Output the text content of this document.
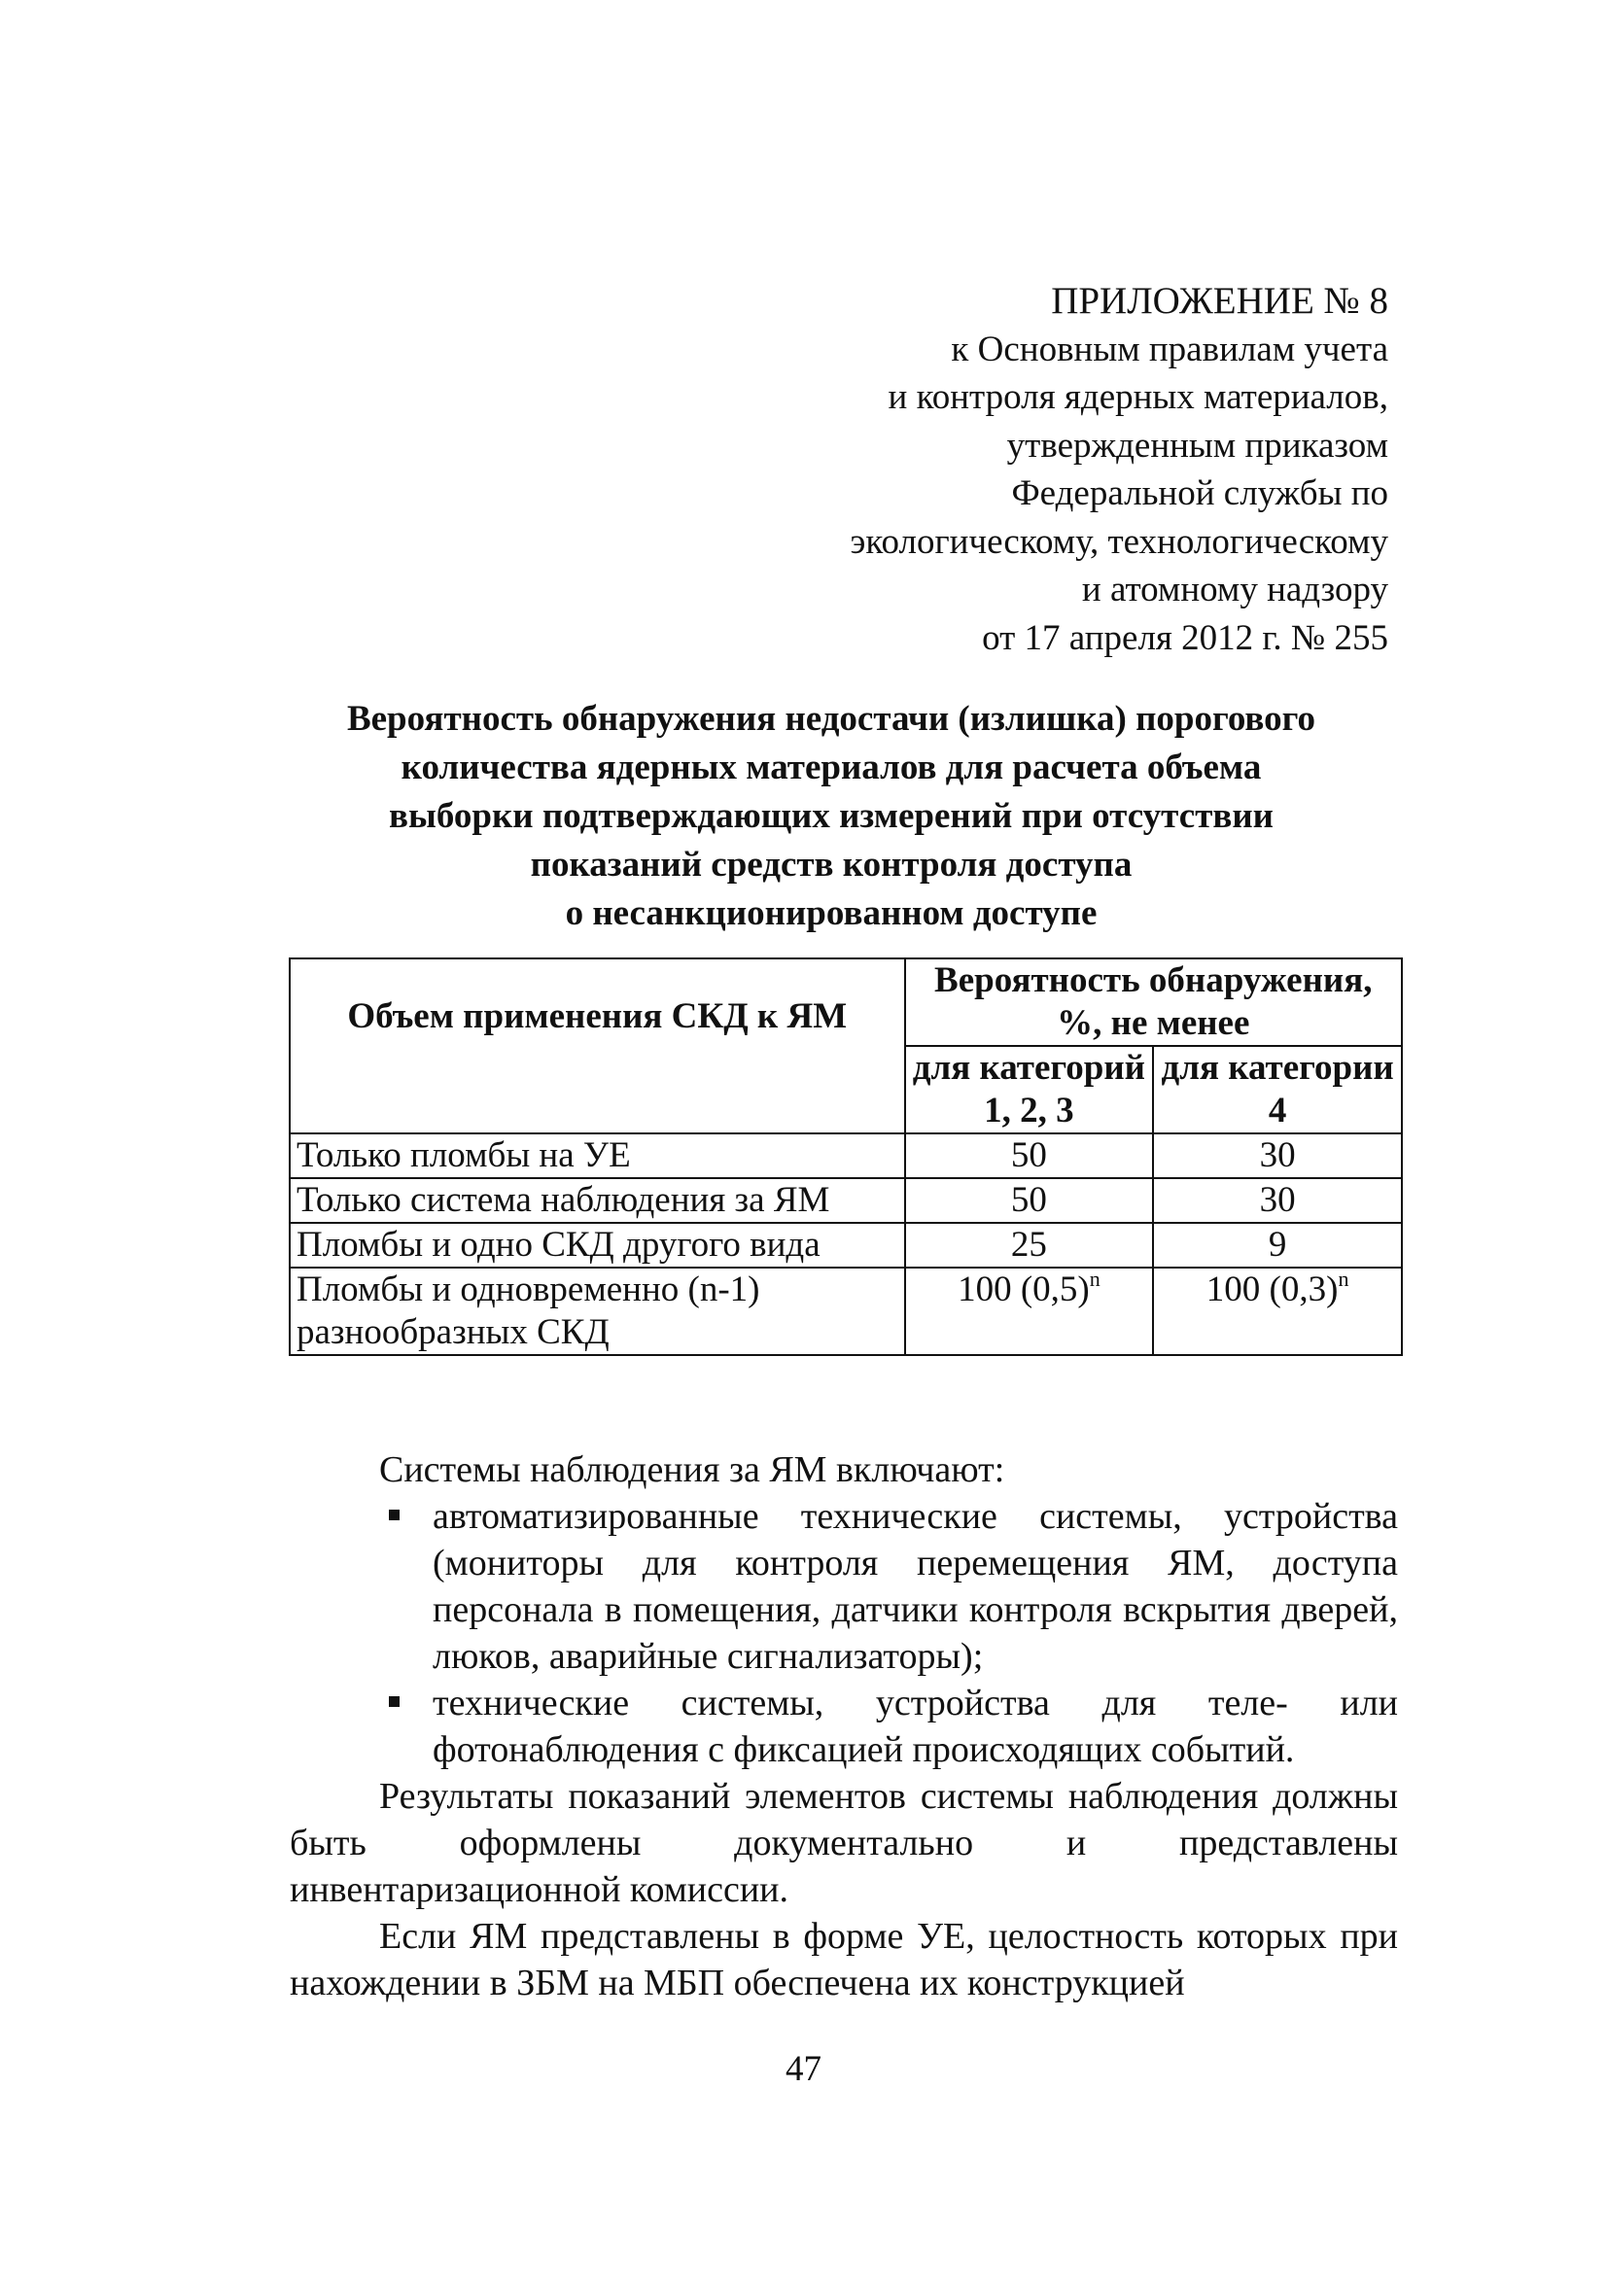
ПРИЛОЖЕНИЕ № 8
к Основным правилам учета
и контроля ядерных материалов,
утвержденным приказом
Федеральной службы по
экологическому, технологическому
и атомному надзору
от 17 апреля 2012 г. № 255
Вероятность обнаружения недостачи (излишка) порогового
количества ядерных материалов для расчета объема
выборки подтверждающих измерений при отсутствии
показаний средств контроля доступа
о несанкционированном доступе
Объем применения СКД к ЯМ	Вероятность обнаружения, %, не менее	
	для категорий 1, 2, 3	для категории 4
Только пломбы на УЕ	50	30
Только система наблюдения за ЯМ	50	30
Пломбы и одно СКД другого вида	25	9
Пломбы и одновременно (n-1) разнообразных СКД	100 $(0,5)^n$	100 $(0,3)^n$

Системы наблюдения за ЯМ включают:

автоматизированные технические системы, устройства (мониторы для контроля перемещения ЯМ, доступа персонала в помещения, датчики контроля вскрытия дверей, люков, аварийные сигнализаторы);
технические системы, устройства для теле- или фотонаблюдения с фиксацией происходящих событий.

Результаты показаний элементов системы наблюдения должны быть оформлены документально и представлены инвентаризационной комиссии.

Если ЯМ представлены в форме УЕ, целостность которых при нахождении в ЗБМ на МБП обеспечена их конструкцией

47
